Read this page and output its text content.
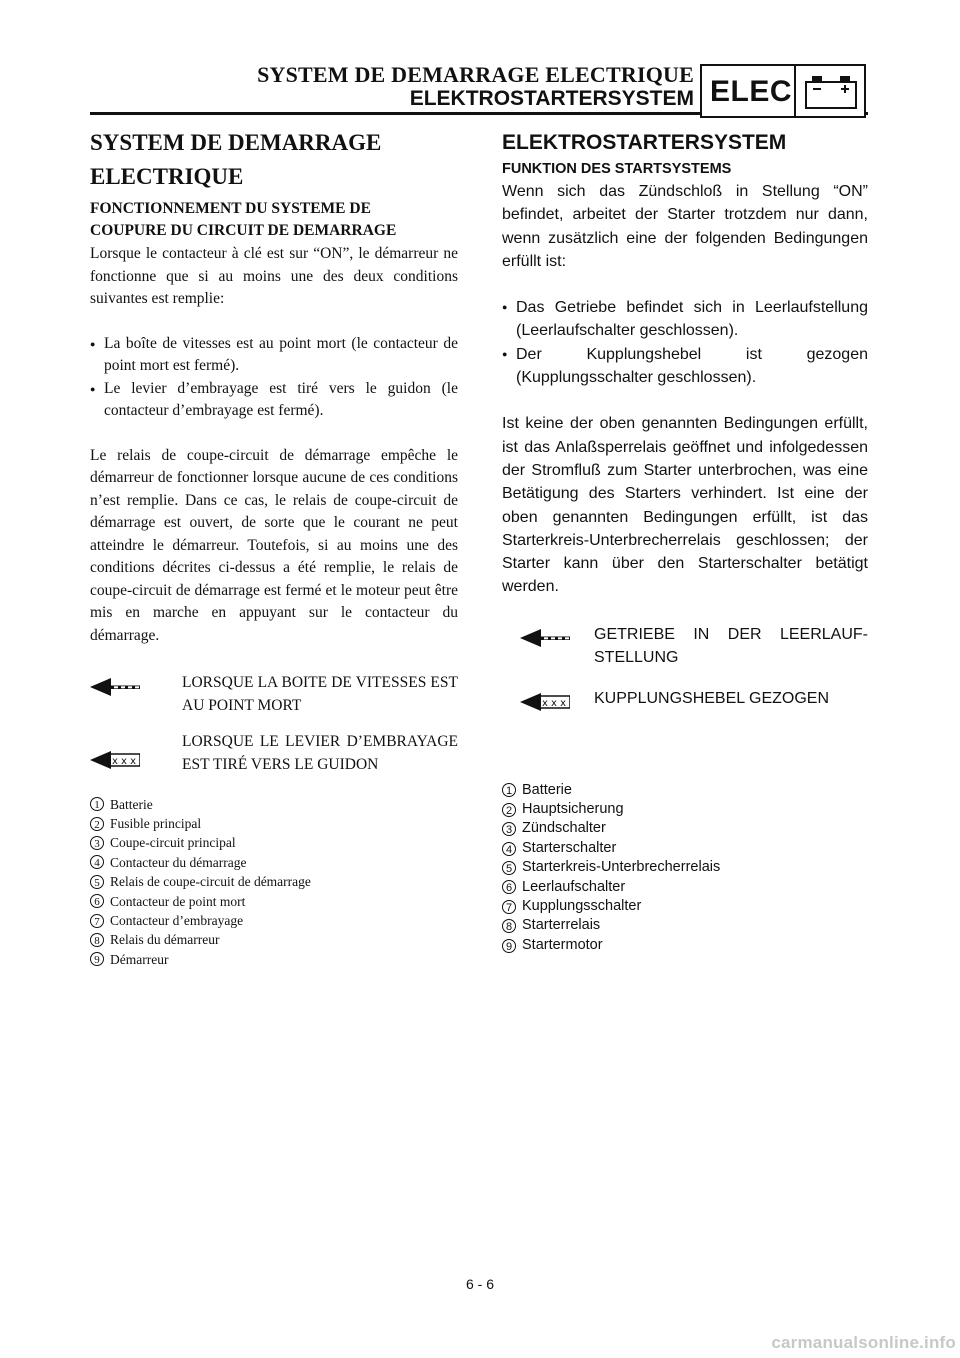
SYSTEM DE DEMARRAGE ELECTRIQUE
ELEKTROSTARTERSYSTEM ELEC
SYSTEM DE DEMARRAGE
ELECTRIQUE
FONCTIONNEMENT DU SYSTEME DE
COUPURE DU CIRCUIT DE DEMARRAGE

Lorsque le contacteur à clé est sur “ON”, le démarreur ne fonctionne que si au moins une des deux conditions suivantes est remplie:

● La boîte de vitesses est au point mort (le contacteur de point mort est fermé).
● Le levier d’embrayage est tiré vers le guidon (le contacteur d’embrayage est fermé).

Le relais de coupe-circuit de démarrage empêche le démarreur de fonctionner lorsque aucune de ces conditions n’est remplie. Dans ce cas, le relais de coupe-circuit de démarrage est ouvert, de sorte que le courant ne peut atteindre le démarreur. Toutefois, si au moins une des conditions décrites ci-dessus a été remplie, le relais de coupe-circuit de démarrage est fermé et le moteur peut être mis en marche en appuyant sur le contacteur du démarrage.

LORSQUE LA BOITE DE VITESSES EST AU POINT MORT
x x x
LORSQUE LE LEVIER D’EMBRAYAGE EST TIRÉ VERS LE GUIDON
1 Batterie
2 Fusible principal
3 Coupe-circuit principal
4 Contacteur du démarrage
5 Relais de coupe-circuit de démarrage
6 Contacteur de point mort
7 Contacteur d’embrayage
8 Relais du démarreur
9 Démarreur
ELEKTROSTARTERSYSTEM
FUNKTION DES STARTSYSTEMS

Wenn sich das Zündschloß in Stellung “ON” befindet, arbeitet der Starter trotzdem nur dann, wenn zusätzlich eine der folgenden Bedingungen erfüllt ist:

● Das Getriebe befindet sich in Leerlaufstellung (Leerlaufschalter geschlossen).
● Der Kupplungshebel ist gezogen (Kupplungsschalter geschlossen).

Ist keine der oben genannten Bedingungen erfüllt, ist das Anlaßsperrelais geöffnet und infolgedessen der Stromfluß zum Starter unterbrochen, was eine Betätigung des Starters verhindert. Ist eine der oben genannten Bedingungen erfüllt, ist das Starterkreis-Unterbrecherrelais geschlossen; der Starter kann über den Starterschalter betätigt werden.

GETRIEBE IN DER LEERLAUF-STELLUNG
x x x KUPPLUNGSHEBEL GEZOGEN
1 Batterie
2 Hauptsicherung
3 Zündschalter
4 Starterschalter
5 Starterkreis-Unterbrecherrelais
6 Leerlaufschalter
7 Kupplungsschalter
8 Starterrelais
9 Startermotor
6 - 6
carmanualsonline.info
